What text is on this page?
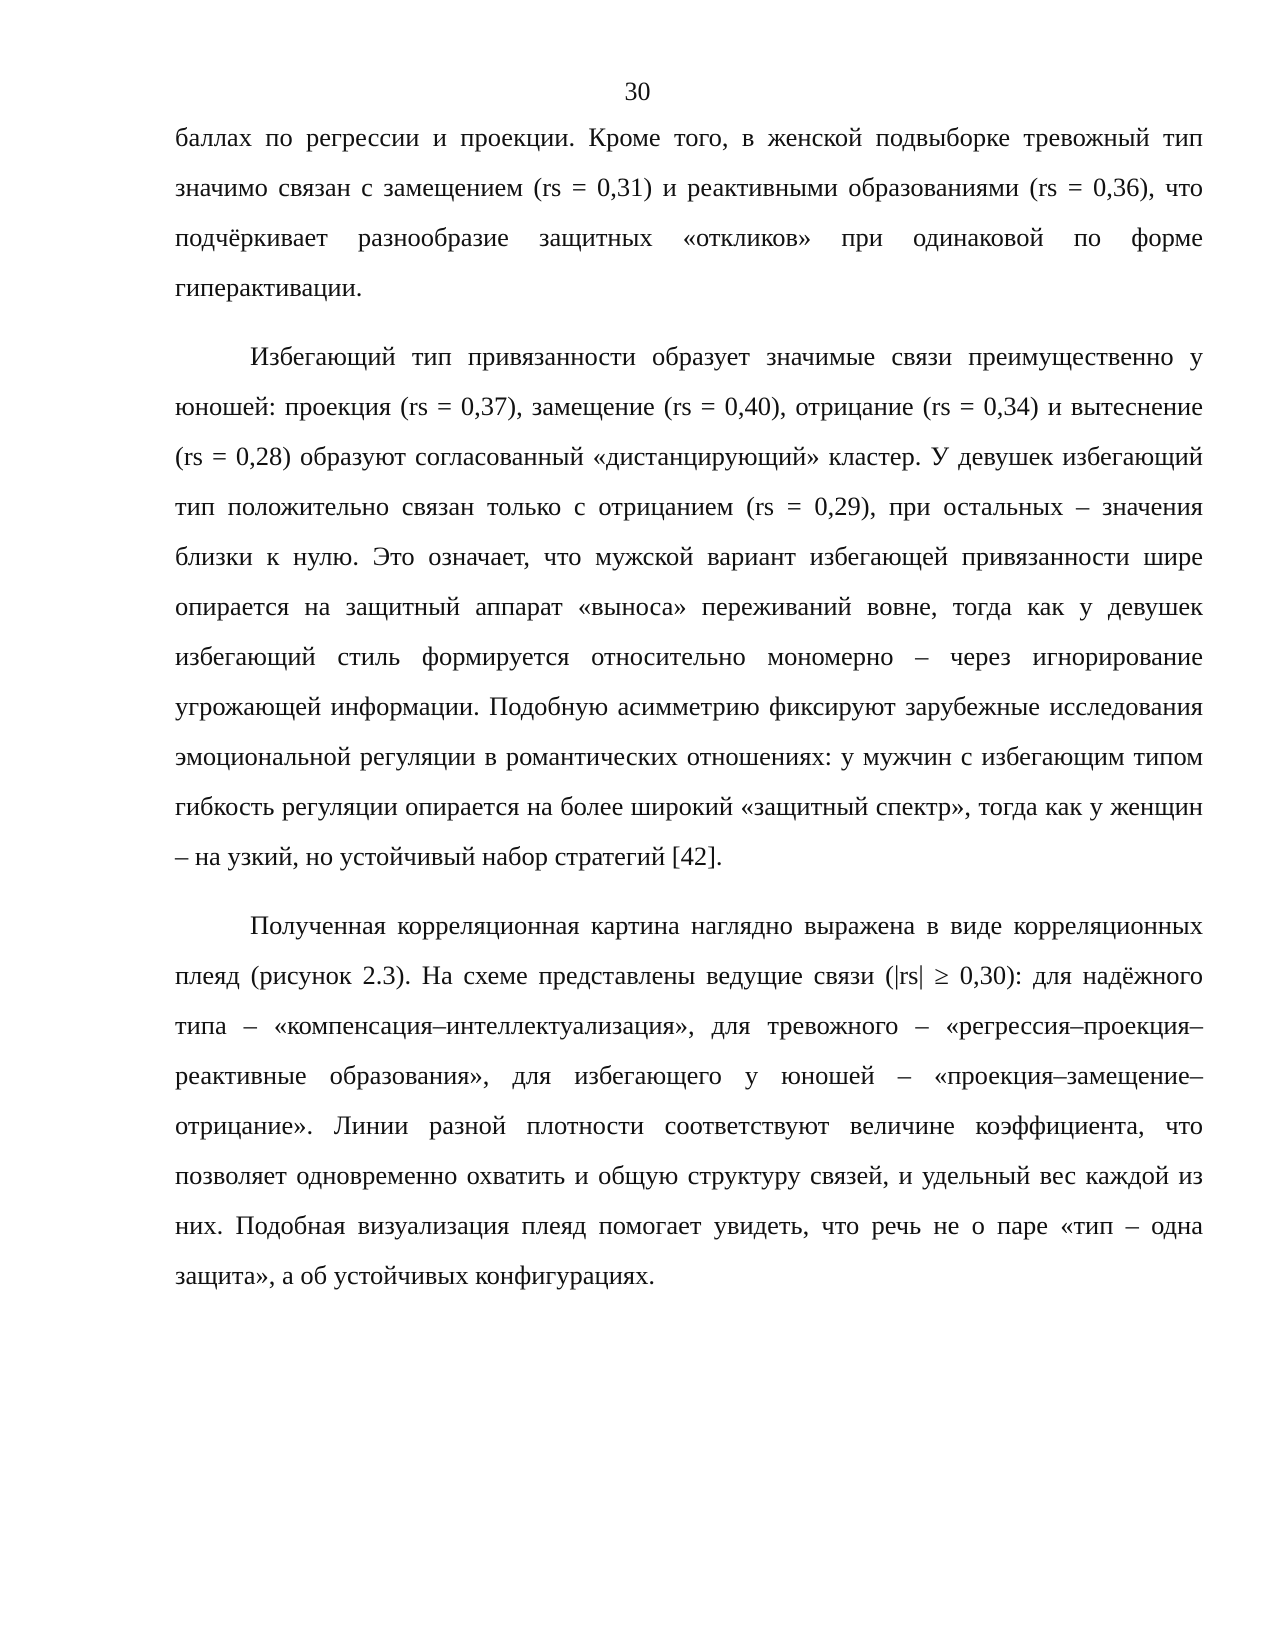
30

баллах по регрессии и проекции. Кроме того, в женской подвыборке тревожный тип значимо связан с замещением (rs = 0,31) и реактивными образованиями (rs = 0,36), что подчёркивает разнообразие защитных «откликов» при одинаковой по форме гиперактивации.

Избегающий тип привязанности образует значимые связи преимущественно у юношей: проекция (rs = 0,37), замещение (rs = 0,40), отрицание (rs = 0,34) и вытеснение (rs = 0,28) образуют согласованный «дистанцирующий» кластер. У девушек избегающий тип положительно связан только с отрицанием (rs = 0,29), при остальных – значения близки к нулю. Это означает, что мужской вариант избегающей привязанности шире опирается на защитный аппарат «выноса» переживаний вовне, тогда как у девушек избегающий стиль формируется относительно мономерно – через игнорирование угрожающей информации. Подобную асимметрию фиксируют зарубежные исследования эмоциональной регуляции в романтических отношениях: у мужчин с избегающим типом гибкость регуляции опирается на более широкий «защитный спектр», тогда как у женщин – на узкий, но устойчивый набор стратегий [42].

Полученная корреляционная картина наглядно выражена в виде корреляционных плеяд (рисунок 2.3). На схеме представлены ведущие связи (|rs| ≥ 0,30): для надёжного типа – «компенсация–интеллектуализация», для тревожного – «регрессия–проекция–реактивные образования», для избегающего у юношей – «проекция–замещение–отрицание». Линии разной плотности соответствуют величине коэффициента, что позволяет одновременно охватить и общую структуру связей, и удельный вес каждой из них. Подобная визуализация плеяд помогает увидеть, что речь не о паре «тип – одна защита», а об устойчивых конфигурациях.
